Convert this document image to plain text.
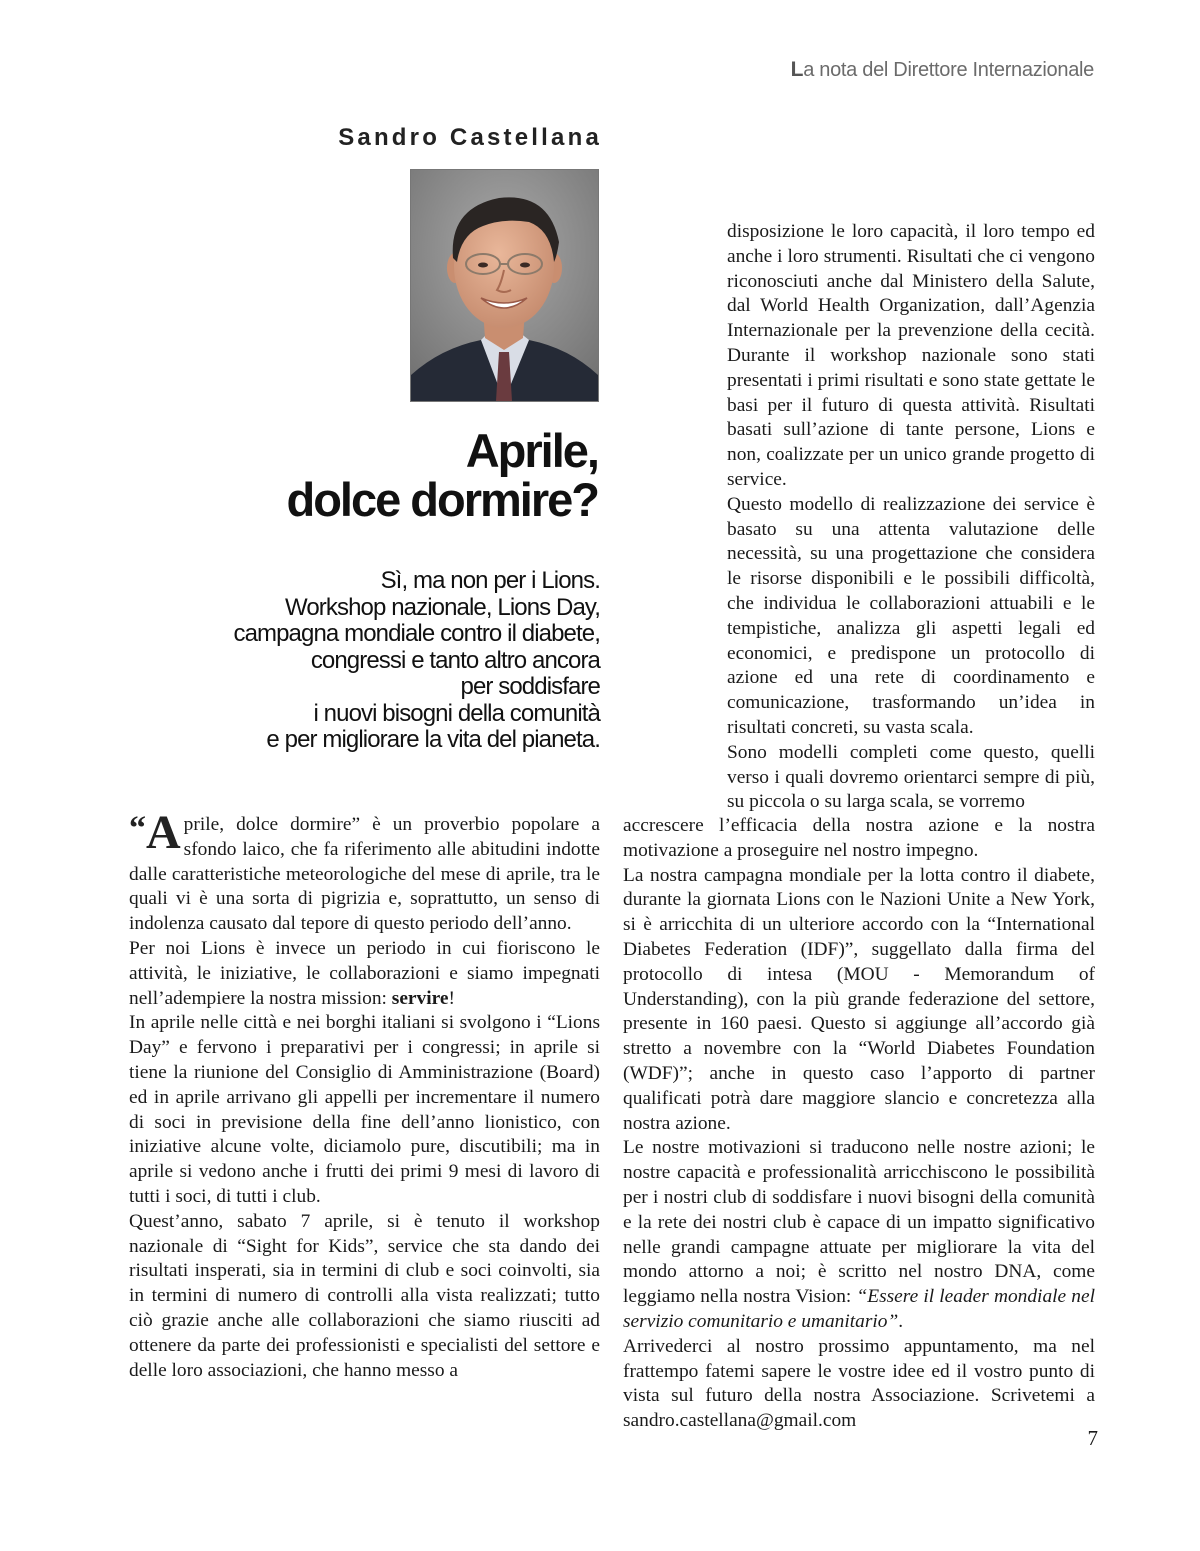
La nota del Direttore Internazionale
Sandro Castellana
Aprile,
dolce dormire?
Sì, ma non per i Lions.
Workshop nazionale, Lions Day,
campagna mondiale contro il diabete,
congressi e tanto altro ancora
per soddisfare
i nuovi bisogni della comunità
e per migliorare la vita del pianeta.

“A prile, dolce dormire” è un proverbio popolare a sfondo laico, che fa riferimento alle abitudini indotte dalle caratteristiche meteorologiche del mese di aprile, tra le quali vi è una sorta di pigrizia e, soprattutto, un senso di indolenza causato dal tepore di questo periodo dell’anno.

Per noi Lions è invece un periodo in cui fioriscono le attività, le iniziative, le collaborazioni e siamo impegnati nell’adempiere la nostra mission: servire!

In aprile nelle città e nei borghi italiani si svolgono i “Lions Day” e fervono i preparativi per i congressi; in aprile si tiene la riunione del Consiglio di Amministrazione (Board) ed in aprile arrivano gli appelli per incrementare il numero di soci in previsione della fine dell’anno lionistico, con iniziative alcune volte, diciamolo pure, discutibili; ma in aprile si vedono anche i frutti dei primi 9 mesi di lavoro di tutti i soci, di tutti i club.

Quest’anno, sabato 7 aprile, si è tenuto il workshop nazionale di “Sight for Kids”, service che sta dando dei risultati insperati, sia in termini di club e soci coinvolti, sia in termini di numero di controlli alla vista realizzati; tutto ciò grazie anche alle collaborazioni che siamo riusciti ad ottenere da parte dei professionisti e specialisti del settore e delle loro associazioni, che hanno messo a

disposizione le loro capacità, il loro tempo ed anche i loro strumenti. Risultati che ci vengono riconosciuti anche dal Ministero della Salute, dal World Health Organization, dall’Agenzia Internazionale per la prevenzione della cecità. Durante il workshop nazionale sono stati presentati i primi risultati e sono state gettate le basi per il futuro di questa attività. Risultati basati sull’azione di tante persone, Lions e non, coalizzate per un unico grande progetto di service.

Questo modello di realizzazione dei service è basato su una attenta valutazione delle necessità, su una progettazione che considera le risorse disponibili e le possibili difficoltà, che individua le collaborazioni attuabili e le tempistiche, analizza gli aspetti legali ed economici, e predispone un protocollo di azione ed una rete di coordinamento e comunicazione, trasformando un’idea in risultati concreti, su vasta scala.

Sono modelli completi come questo, quelli verso i quali dovremo orientarci sempre di più, su piccola o su larga scala, se vorremo

accrescere l’efficacia della nostra azione e la nostra motivazione a proseguire nel nostro impegno.

La nostra campagna mondiale per la lotta contro il diabete, durante la giornata Lions con le Nazioni Unite a New York, si è arricchita di un ulteriore accordo con la “International Diabetes Federation (IDF)”, suggellato dalla firma del protocollo di intesa (MOU - Memorandum of Understanding), con la più grande federazione del settore, presente in 160 paesi. Questo si aggiunge all’accordo già stretto a novembre con la “World Diabetes Foundation (WDF)”; anche in questo caso l’apporto di partner qualificati potrà dare maggiore slancio e concretezza alla nostra azione.

Le nostre motivazioni si traducono nelle nostre azioni; le nostre capacità e professionalità arricchiscono le possibilità per i nostri club di soddisfare i nuovi bisogni della comunità e la rete dei nostri club è capace di un impatto significativo nelle grandi campagne attuate per migliorare la vita del mondo attorno a noi; è scritto nel nostro DNA, come leggiamo nella nostra Vision: “Essere il leader mondiale nel servizio comunitario e umanitario”.

Arrivederci al nostro prossimo appuntamento, ma nel frattempo fatemi sapere le vostre idee ed il vostro punto di vista sul futuro della nostra Associazione. Scrivetemi a sandro.castellana@gmail.com

7
